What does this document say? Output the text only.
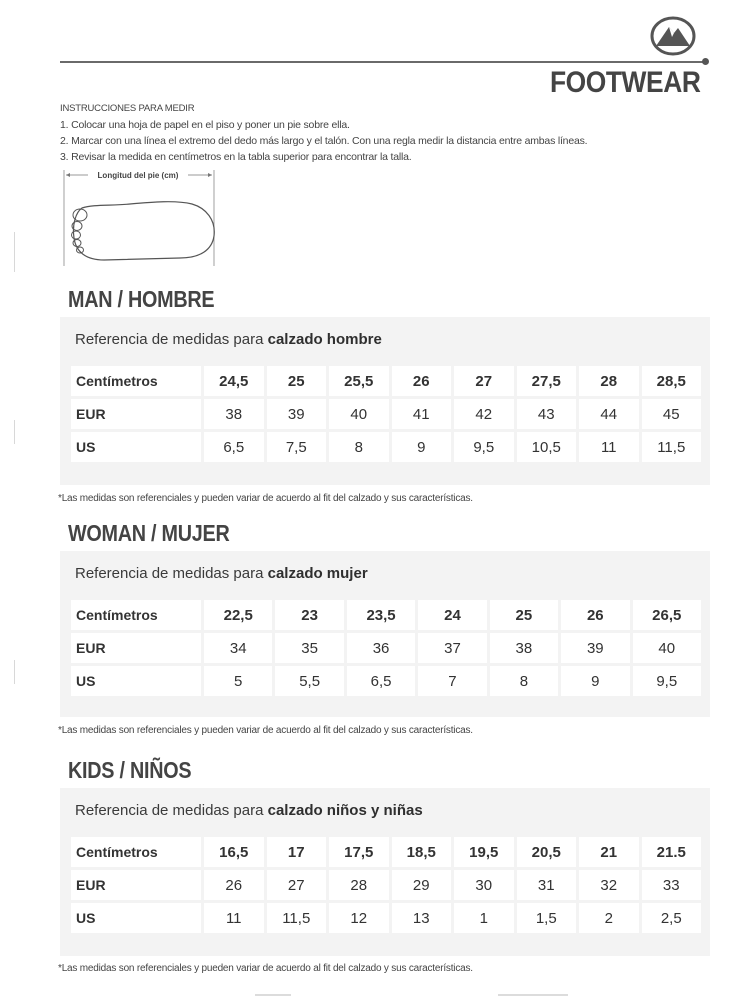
FOOTWEAR
INSTRUCCIONES PARA MEDIR
1. Colocar una hoja de papel en el piso y poner un pie sobre ella.
2. Marcar con una línea el extremo del dedo más largo y el talón. Con una regla medir la distancia entre ambas líneas.
3. Revisar la medida en centímetros en la tabla superior para encontrar la talla.
Longitud del pie (cm)
MAN / HOMBRE
Referencia de medidas para calzado hombre
Centímetros	24,5	25	25,5	26	27	27,5	28	28,5
EUR	38	39	40	41	42	43	44	45
US	6,5	7,5	8	9	9,5	10,5	11	11,5
*Las medidas son referenciales y pueden variar de acuerdo al fit del calzado y sus características.
WOMAN / MUJER
Referencia de medidas para calzado mujer
Centímetros	22,5	23	23,5	24	25	26	26,5
EUR	34	35	36	37	38	39	40
US	5	5,5	6,5	7	8	9	9,5
*Las medidas son referenciales y pueden variar de acuerdo al fit del calzado y sus características.
KIDS / NIÑOS
Referencia de medidas para calzado niños y niñas
Centímetros	16,5	17	17,5	18,5	19,5	20,5	21	21.5
EUR	26	27	28	29	30	31	32	33
US	11	11,5	12	13	1	1,5	2	2,5
*Las medidas son referenciales y pueden variar de acuerdo al fit del calzado y sus características.
